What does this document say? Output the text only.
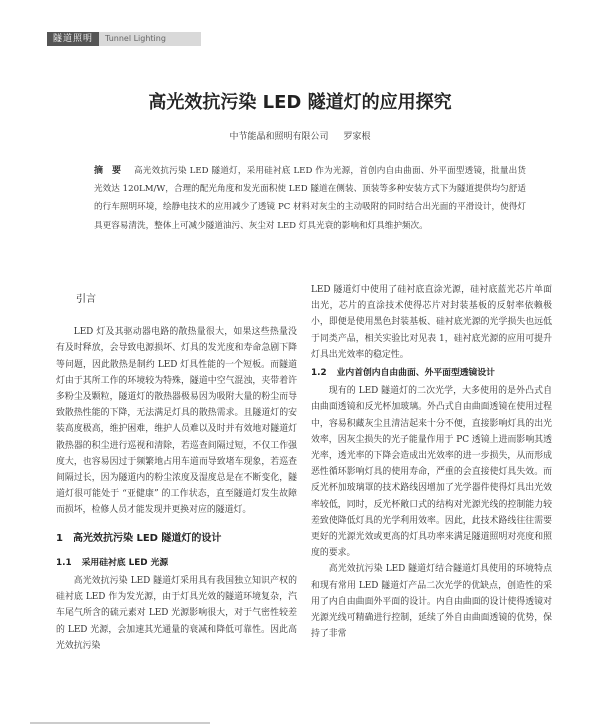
隧道照明	Tunnel Lighting
高光效抗污染 LED 隧道灯的应用探究
中节能晶和照明有限公司 罗家根
摘　要	高光效抗污染 LED 隧道灯，采用硅衬底 LED 作为光源，首创内自由曲面、外平面型透镜，批量出货光效达 120LM/W，合理的配光角度和发光面积使 LED 隧道在侧装、顶装等多种安装方式下为隧道提供均匀舒适的行车照明环境，绘静电技术的应用减少了透镜 PC 材料对灰尘的主动吸附的同时结合出光面的平滑设计，使得灯具更容易清洗，整体上可减少隧道油污、灰尘对 LED 灯具光衰的影响和灯具维护频次。
引言

LED 灯及其驱动器电路的散热量很大，如果这些热量没有及时释放，会导致电源损坏、灯具的发光度和寿命急剧下降等问题，因此散热是制约 LED 灯具性能的一个短板。而隧道灯由于其所工作的环境较为特殊，隧道中空气混浊，夹带着许多粉尘及颗粒，隧道灯的散热器极易因为吸附大量的粉尘而导致散热性能的下降，无法满足灯具的散热需求。且隧道灯的安装高度极高，维护困难，维护人员难以及时并有效地对隧道灯散热器的积尘进行巡视和清除，若巡查间隔过短，不仅工作强度大，也容易因过于频繁地占用车道而导致堵车现象，若巡查间隔过长，因为隧道内的粉尘浓度及湿度总是在不断变化，隧道灯很可能处于 “亚健康” 的工作状态，直至隧道灯发生故障而损坏，检修人员才能发现并更换对应的隧道灯。

1 高光效抗污染 LED 隧道灯的设计
1.1 采用硅衬底 LED 光源

高光效抗污染 LED 隧道灯采用具有我国独立知识产权的硅衬底 LED 作为发光源，由于灯具光效的隧道环境复杂，汽车尾气所含的硫元素对 LED 光源影响很大，对于气密性较差的 LED 光源，会加速其光通量的衰减和降低可靠性。因此高光效抗污染

LED 隧道灯中使用了硅衬底直涂光源，硅衬底蓝光芯片单面出光，芯片的直涂技术使得芯片对封装基板的反射率依赖极小，即便是使用黑色封装基板、硅衬底光源的光学损失也远低于同类产品，相关实验比对见表 1，硅衬底光源的应用可提升灯具出光效率的稳定性。

1.2 业内首创内自由曲面、外平面型透镜设计

现有的 LED 隧道灯的二次光学，大多使用的是外凸式自由曲面透镜和反光杯加玻璃。外凸式自由曲面透镜在使用过程中，容易积藏灰尘且清洁起来十分不便，直接影响灯具的出光效率，因灰尘损失的光子能量作用于 PC 透镜上进而影响其透光率，透光率的下降会造成出光效率的进一步损失，从而形成恶性循环影响灯具的使用寿命，严重的会直接使灯具失效。而反光杯加玻璃罩的技术路线因增加了光学器件使得灯具出光效率较低，同时，反光杯敞口式的结构对光源光线的控制能力较差致使降低灯具的光学利用效率。因此，此技术路线往往需要更好的光源光效或更高的灯具功率来满足隧道照明对亮度和照度的要求。

高光效抗污染 LED 隧道灯结合隧道灯具使用的环境特点和现有常用 LED 隧道灯产品二次光学的优缺点，创造性的采用了内自由曲面外平面的设计。内自由曲面的设计使得透镜对光源光线可精确进行控制，延续了外自由曲面透镜的优势，保持了非常
